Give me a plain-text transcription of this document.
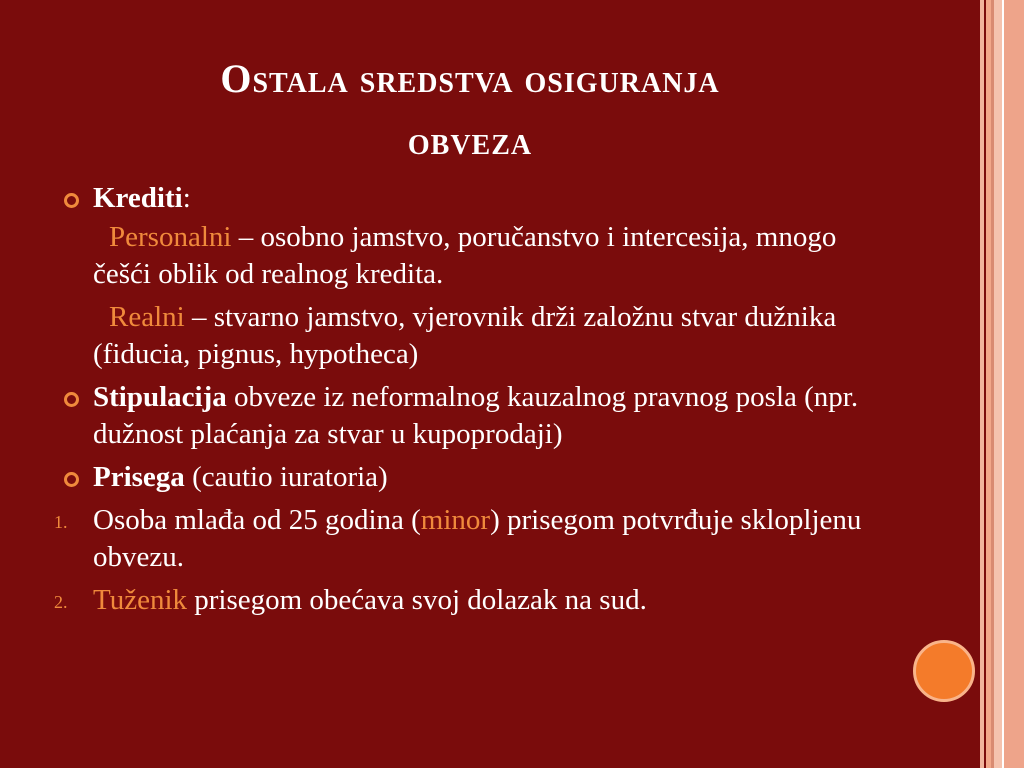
Ostala sredstva osiguranja
obveza
Krediti:
Personalni – osobno jamstvo, poručanstvo i intercesija, mnogo češći oblik od realnog kredita.
Realni – stvarno jamstvo, vjerovnik drži založnu stvar dužnika (fiducia, pignus, hypotheca)
Stipulacija obveze iz neformalnog kauzalnog pravnog posla (npr. dužnost plaćanja za stvar u kupoprodaji)
Prisega (cautio iuratoria)
1. Osoba mlađa od 25 godina (minor) prisegom potvrđuje sklopljenu obvezu.
2. Tuženik prisegom obećava svoj dolazak na sud.
